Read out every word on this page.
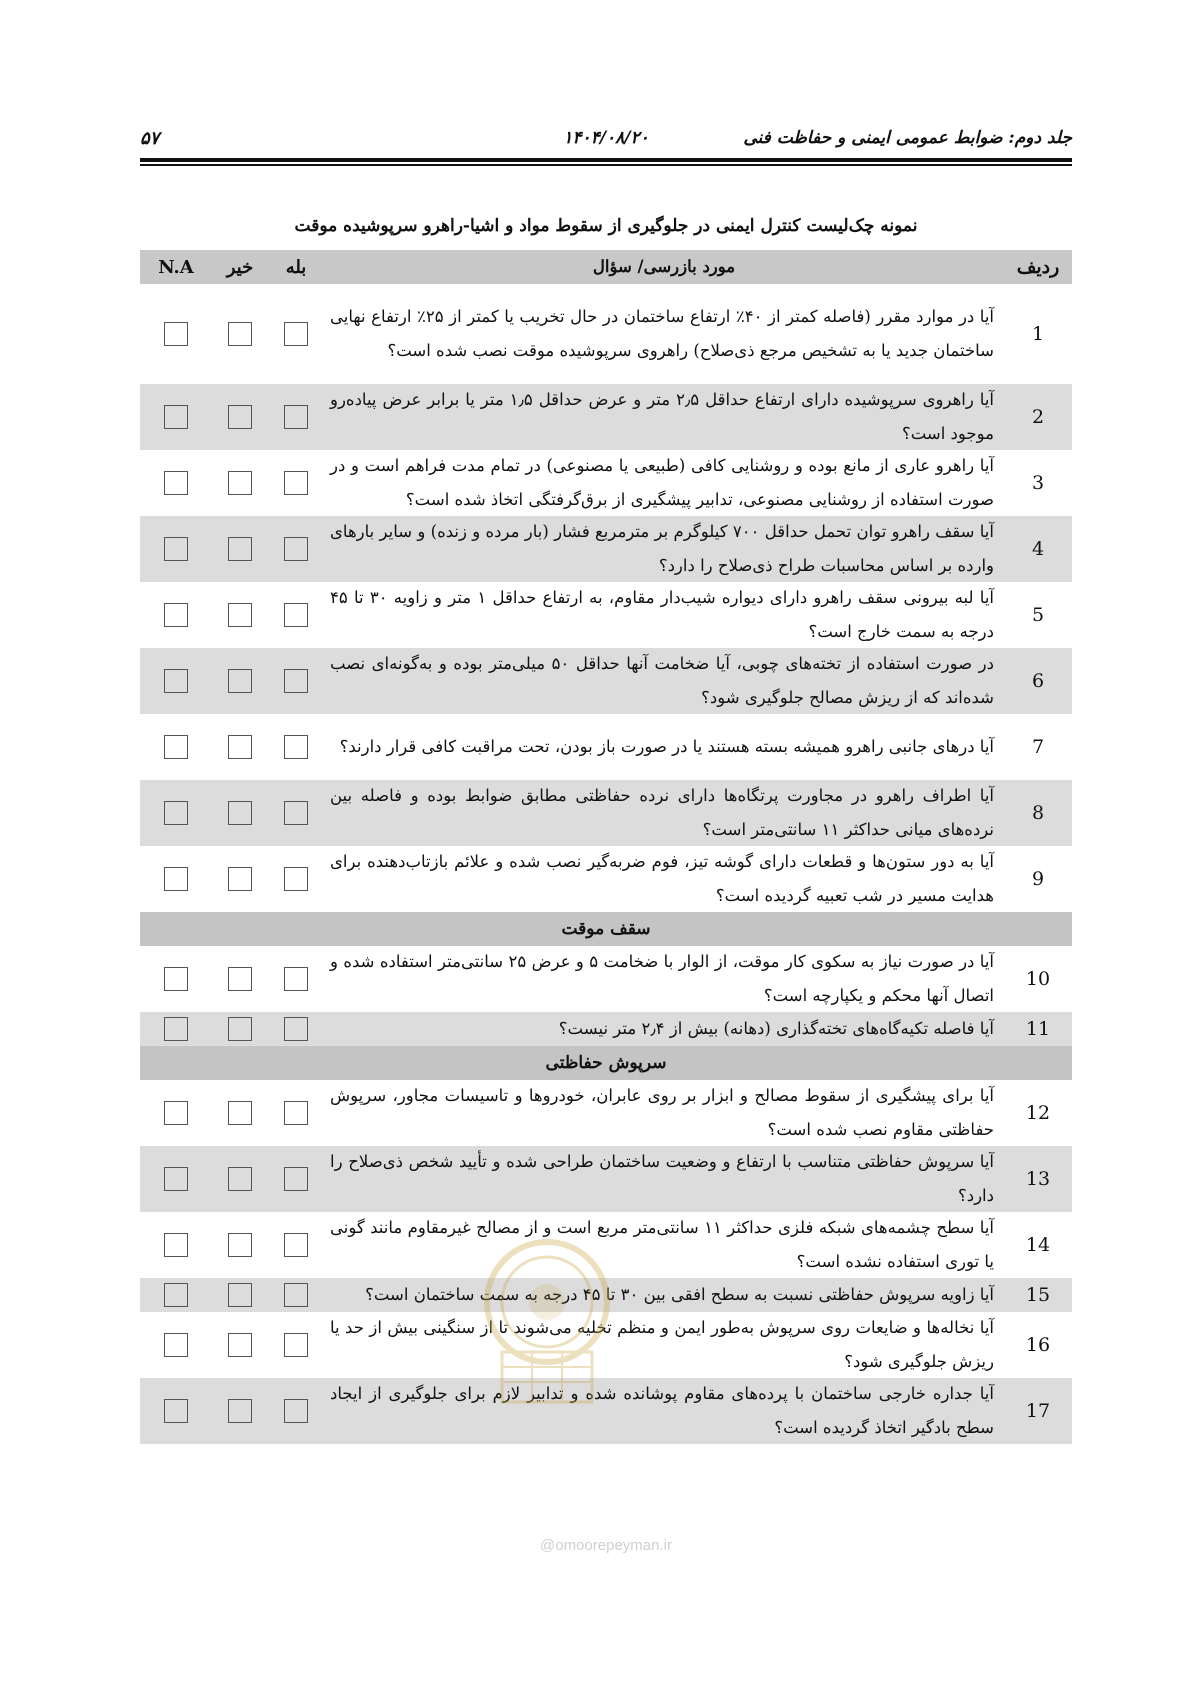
جلد دوم: ضوابط عمومی ایمنی و حفاظت فنی
۱۴۰۴/۰۸/۲۰
۵۷
نمونه چک‌لیست کنترل ایمنی در جلوگیری از سقوط مواد و اشیا-راهرو سرپوشیده موقت
ردیف
مورد بازرسی/ سؤال
بله
خیر
N.A
1
آیا در موارد مقرر (فاصله کمتر از ۴۰٪ ارتفاع ساختمان در حال تخریب یا کمتر از ۲۵٪ ارتفاع نهایی ساختمان جدید یا به تشخیص مرجع ذی‌صلاح) راهروی سرپوشیده موقت نصب شده است؟
2
آیا راهروی سرپوشیده دارای ارتفاع حداقل ۲٫۵ متر و عرض حداقل ۱٫۵ متر یا برابر عرض پیاده‌رو موجود است؟
3
آیا راهرو عاری از مانع بوده و روشنایی کافی (طبیعی یا مصنوعی) در تمام مدت فراهم است و در صورت استفاده از روشنایی مصنوعی، تدابیر پیشگیری از برق‌گرفتگی اتخاذ شده است؟
4
آیا سقف راهرو توان تحمل حداقل ۷۰۰ کیلوگرم بر مترمربع فشار (بار مرده و زنده) و سایر بارهای وارده بر اساس محاسبات طراح ذی‌صلاح را دارد؟
5
آیا لبه بیرونی سقف راهرو دارای دیواره شیب‌دار مقاوم، به ارتفاع حداقل ۱ متر و زاویه ۳۰ تا ۴۵ درجه به سمت خارج است؟
6
در صورت استفاده از تخته‌های چوبی، آیا ضخامت آنها حداقل ۵۰ میلی‌متر بوده و به‌گونه‌ای نصب شده‌اند که از ریزش مصالح جلوگیری شود؟
7
آیا درهای جانبی راهرو همیشه بسته هستند یا در صورت باز بودن، تحت مراقبت کافی قرار دارند؟
8
آیا اطراف راهرو در مجاورت پرتگاه‌ها دارای نرده حفاظتی مطابق ضوابط بوده و فاصله بین نرده‌های میانی حداکثر ۱۱ سانتی‌متر است؟
9
آیا به دور ستون‌ها و قطعات دارای گوشه تیز، فوم ضربه‌گیر نصب شده و علائم بازتاب‌دهنده برای هدایت مسیر در شب تعبیه گردیده است؟
سقف موقت
10
آیا در صورت نیاز به سکوی کار موقت، از الوار با ضخامت ۵ و عرض ۲۵ سانتی‌متر استفاده شده و اتصال آنها محکم و یکپارچه است؟
11
آیا فاصله تکیه‌گاه‌های تخته‌گذاری (دهانه) بیش از ۲٫۴ متر نیست؟
سرپوش حفاظتی
12
آیا برای پیشگیری از سقوط مصالح و ابزار بر روی عابران، خودروها و تاسیسات مجاور، سرپوش حفاظتی مقاوم نصب شده است؟
13
آیا سرپوش حفاظتی متناسب با ارتفاع و وضعیت ساختمان طراحی شده و تأیید شخص ذی‌صلاح را دارد؟
14
آیا سطح چشمه‌های شبکه فلزی حداکثر ۱۱ سانتی‌متر مربع است و از مصالح غیرمقاوم مانند گونی یا توری استفاده نشده است؟
15
آیا زاویه سرپوش حفاظتی نسبت به سطح افقی بین ۳۰ تا ۴۵ درجه به سمت ساختمان است؟
16
آیا نخاله‌ها و ضایعات روی سرپوش به‌طور ایمن و منظم تخلیه می‌شوند تا از سنگینی بیش از حد یا ریزش جلوگیری شود؟
17
آیا جداره خارجی ساختمان با پرده‌های مقاوم پوشانده شده و تدابیر لازم برای جلوگیری از ایجاد سطح بادگیر اتخاذ گردیده است؟
@omoorepeyman.ir
